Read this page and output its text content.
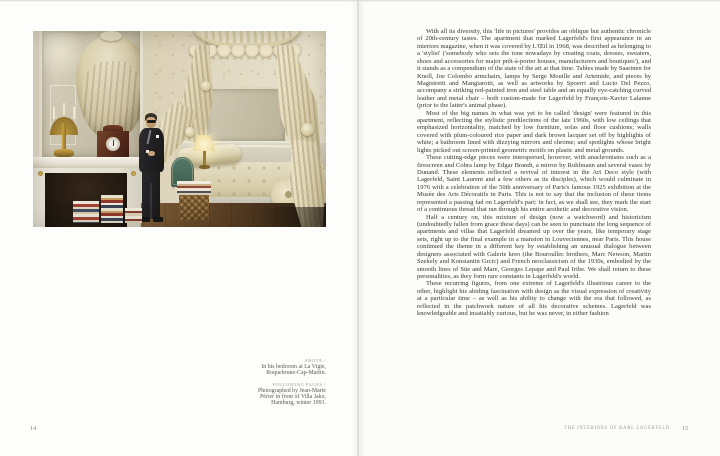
ABOVE /
In his bedroom at La Vigie,
Roquebrune-Cap-Martin.
FOLLOWING PAGES /
Photographed by Jean-Marie
Périer in front of Villa Jako,
Hamburg, winter 1991.
14

With all its diversity, this 'life in pictures' provides an oblique but authentic chronicle of 20th-century tastes. The apartment that marked Lagerfeld's first appearance in an interiors magazine, when it was covered by L'Œil in 1968, was described as belonging to a 'stylist' ('somebody who sets the tone nowadays by creating coats, dresses, sweaters, shoes and accessories for major prêt-à-porter houses, manufacturers and boutiques'), and it stands as a compendium of the state of the art at that time. Tables made by Saarinen for Knoll, Joe Colombo armchairs, lamps by Serge Mouille and Artemide, and pieces by Magistretti and Mangiarotti, as well as artworks by Spoerri and Lucio Del Pezzo, accompany a striking red-painted iron and steel table and an equally eye-catching curved leather and metal chair – both custom-made for Lagerfeld by François-Xavier Lalanne (prior to the latter's animal phase).

Most of the big names in what was yet to be called 'design' were featured in this apartment, reflecting the stylistic predilections of the late 1960s, with low ceilings that emphasized horizontality, matched by low furniture, sofas and floor cushions; walls covered with plum-coloured rice paper and dark brown lacquer set off by highlights of white; a bathroom lined with dizzying mirrors and chrome; and spotlights whose bright lights picked out screen-printed geometric motifs on plastic and metal grounds.

These cutting-edge pieces were interspersed, however, with anachronisms such as a firescreen and Cobra lamp by Edgar Brandt, a mirror by Ruhlmann and several vases by Dunand. These elements reflected a revival of interest in the Art Deco style (with Lagerfeld, Saint Laurent and a few others as its disciples), which would culminate in 1976 with a celebration of the 50th anniversary of Paris's famous 1925 exhibition at the Musée des Arts Décoratifs in Paris. This is not to say that the inclusion of these items represented a passing fad on Lagerfeld's part: in fact, as we shall see, they mark the start of a continuous thread that ran through his entire aesthetic and decorative vision.

Half a century on, this mixture of design (now a watchword) and historicism (undoubtedly fallen from grace these days) can be seen to punctuate the long sequence of apartments and villas that Lagerfeld dreamed up over the years, like temporary stage sets, right up to the final example in a mansion in Louveciennes, near Paris. This house continued the theme in a different key by establishing an unusual dialogue between designers associated with Galerie kreo (the Bouroullec brothers, Marc Newson, Martin Szekely and Konstantin Grcic) and French neoclassicism of the 1930s, embodied by the smooth lines of Süe and Mare, Georges Lepape and Paul Iribe. We shall return to these personalities, as they form rare constants in Lagerfeld's world.

These recurring figures, from one extreme of Lagerfeld's illustrious career to the other, highlight his abiding fascination with design as the visual expression of creativity at a particular time – as well as his ability to change with the era that followed, as reflected in the patchwork nature of all his decorative schemes. Lagerfeld was knowledgeable and insatiably curious, but he was never, in either fashion

THE INTERIORS OF KARL LAGERFELD 15
